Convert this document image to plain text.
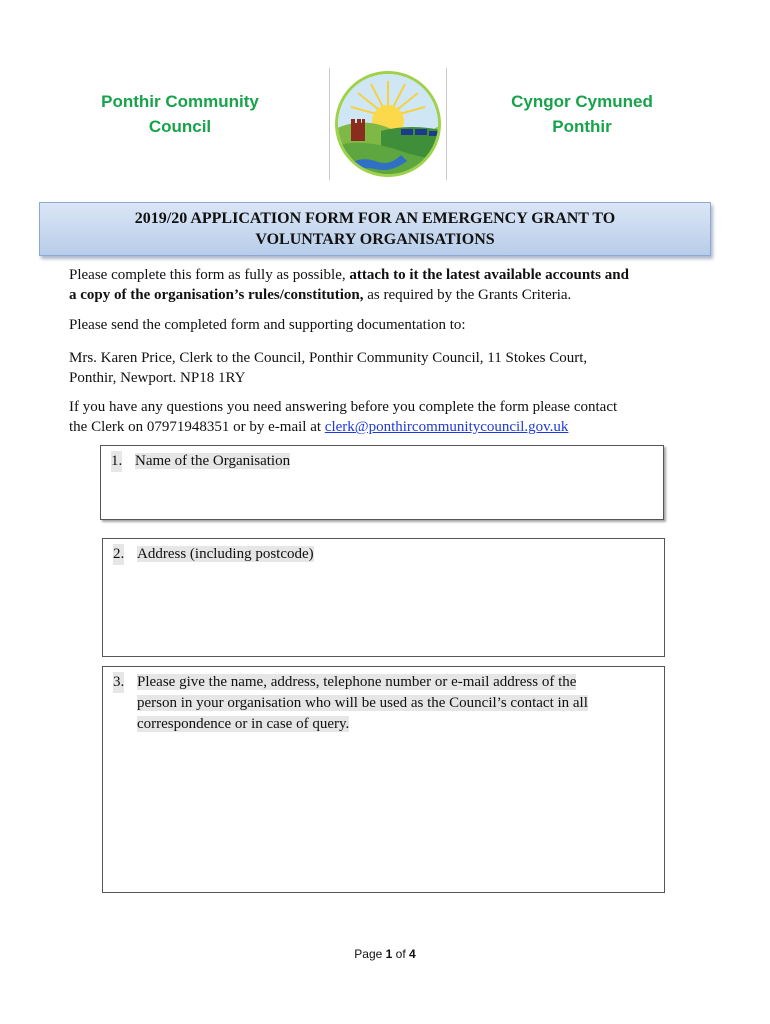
Ponthir Community
Council
Cyngor Cymuned
Ponthir
2019/20 APPLICATION FORM FOR AN EMERGENCY GRANT TO
VOLUNTARY ORGANISATIONS

Please complete this form as fully as possible, attach to it the latest available accounts and
a copy of the organisation’s rules/constitution, as required by the Grants Criteria.

Please send the completed form and supporting documentation to:

Mrs. Karen Price, Clerk to the Council, Ponthir Community Council, 11 Stokes Court,
Ponthir, Newport. NP18 1RY

If you have any questions you need answering before you complete the form please contact
the Clerk on 07971948351 or by e-mail at clerk@ponthircommunitycouncil.gov.uk

1. Name of the Organisation
2. Address (including postcode)
3. Please give the name, address, telephone number or e-mail address of the
person in your organisation who will be used as the Council’s contact in all
correspondence or in case of query.
Page 1 of 4
